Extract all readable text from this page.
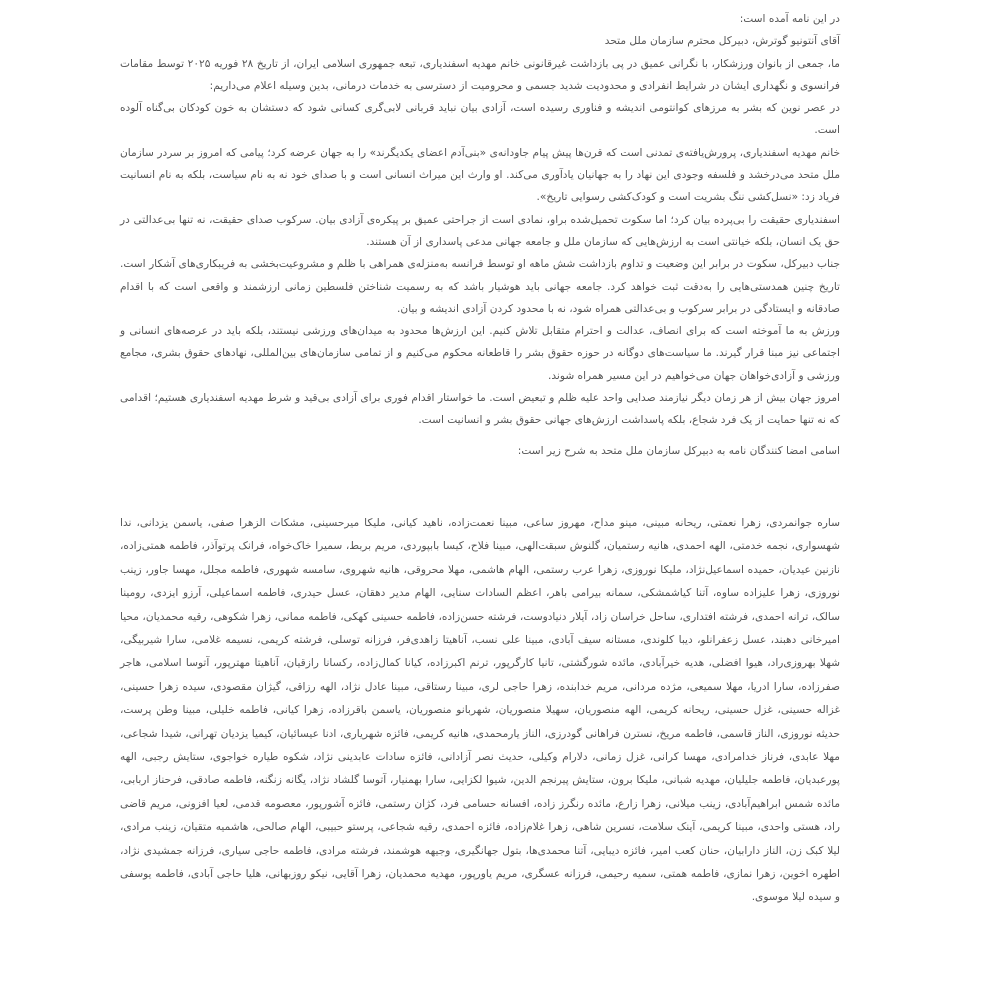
در این نامه آمده است:

آقای آنتونیو گوترش، دبیرکل محترم سازمان ملل متحد

ما، جمعی از بانوان ورزشکار، با نگرانی عمیق در پی بازداشت غیرقانونی خانم مهدیه اسفندیاری، تبعه جمهوری اسلامی ایران، از تاریخ ۲۸ فوریه ۲۰۲۵ توسط مقامات فرانسوی و نگهداری ایشان در شرایط انفرادی و محدودیت شدید جسمی و محرومیت از دسترسی به خدمات درمانی، بدین وسیله اعلام می‌داریم:

در عصر نوین که بشر به مرزهای کوانتومی اندیشه و فناوری رسیده است، آزادی بیان نباید قربانی لابی‌گری کسانی شود که دستشان به خون کودکان بی‌گناه آلوده است.

خانم مهدیه اسفندیاری، پرورش‌یافته‌ی تمدنی است که قرن‌ها پیش پیام جاودانه‌ی «بنی‌آدم اعضای یکدیگرند» را به جهان عرضه کرد؛ پیامی که امروز بر سردر سازمان ملل متحد می‌درخشد و فلسفه وجودی این نهاد را به جهانیان یادآوری می‌کند. او وارث این میراث انسانی است و با صدای خود نه به نام سیاست، بلکه به نام انسانیت فریاد زد: «نسل‌کشی ننگ بشریت است و کودک‌کشی رسوایی تاریخ».

اسفندیاری حقیقت را بی‌پرده بیان کرد؛ اما سکوت تحمیل‌شده براو، نمادی است از جراحتی عمیق بر پیکره‌ی آزادی بیان. سرکوب صدای حقیقت، نه تنها بی‌عدالتی در حق یک انسان، بلکه خیانتی است به ارزش‌هایی که سازمان ملل و جامعه جهانی مدعی پاسداری از آن هستند.

جناب دبیرکل، سکوت در برابر این وضعیت و تداوم بازداشت شش ماهه او توسط فرانسه به‌منزله‌ی همراهی با ظلم و مشروعیت‌بخشی به فریبکاری‌های آشکار است. تاریخ چنین همدستی‌هایی را به‌دقت ثبت خواهد کرد. جامعه جهانی باید هوشیار باشد که به رسمیت شناختن فلسطین زمانی ارزشمند و واقعی است که با اقدام صادقانه و ایستادگی در برابر سرکوب و بی‌عدالتی همراه شود، نه با محدود کردن آزادی اندیشه و بیان.

ورزش به ما آموخته است که برای انصاف، عدالت و احترام متقابل تلاش کنیم. این ارزش‌ها محدود به میدان‌های ورزشی نیستند، بلکه باید در عرصه‌های انسانی و اجتماعی نیز مبنا قرار گیرند. ما سیاست‌های دوگانه در حوزه حقوق بشر را قاطعانه محکوم می‌کنیم و از تمامی سازمان‌های بین‌المللی، نهادهای حقوق بشری، مجامع ورزشی و آزادی‌خواهان جهان می‌خواهیم در این مسیر همراه شوند.

امروز جهان بیش از هر زمان دیگر نیازمند صدایی واحد علیه ظلم و تبعیض است. ما خواستار اقدام فوری برای آزادی بی‌قید و شرط مهدیه اسفندیاری هستیم؛ اقدامی که نه تنها حمایت از یک فرد شجاع، بلکه پاسداشت ارزش‌های جهانی حقوق بشر و انسانیت است.

اسامی امضا کنندگان نامه به دبیرکل سازمان ملل متحد به شرح زیر است:

ساره جوانمردی، زهرا نعمتی، ریحانه مبینی، مینو مداح، مهروز ساعی، مبینا نعمت‌زاده، ناهید کیانی، ملیکا میرحسینی، مشکات الزهرا صفی، یاسمن یزدانی، ندا شهسواری، نجمه خدمتی، الهه احمدی، هانیه رستمیان، گلنوش سبقت‌الهی، مبینا فلاح، کیسا بابپوردی، مریم بربط، سمیرا خاک‌خواه، فرانک پرتوآذر، فاطمه همتی‌زاده، نازنین عیدیان، حمیده اسماعیل‌نژاد، ملیکا نوروزی، زهرا عرب رستمی، الهام هاشمی، مهلا محروقی، هانیه شهروی، سامسه شهوری، فاطمه مجلل، مهسا جاور، زینب نوروزی، زهرا علیزاده ساوه، آتنا کیاشمشکی، سمانه بیرامی باهر، اعظم السادات سنایی، الهام مدیر دهقان، عسل حیدری، فاطمه اسماعیلی، آرزو ایزدی، رومینا سالک، ترانه احمدی، فرشته افتداری، ساحل خراسان زاد، آیلار دنیادوست، فرشته حسن‌زاده، فاطمه حسینی کهکی، فاطمه ممانی، زهرا شکوهی، رقیه محمدیان، محیا امیرخانی دهبند، عسل زعفرانلو، دیبا کلوندی، مستانه سیف آبادی، مبینا علی نسب، آناهیتا زاهدی‌فر، فرزانه توسلی، فرشته کریمی، نسیمه غلامی، سارا شیربیگی، شهلا بهروزی‌راد، هیوا افضلی، هدیه خیرآبادی، مائده شورگشتی، تانیا کارگرپور، ترنم اکبرزاده، کیانا کمال‌زاده، رکسانا رازقیان، آناهیتا مهترپور، آتوسا اسلامی، هاجر صفرزاده، سارا ادریا، مهلا سمیعی، مژده مردانی، مریم خدابنده، زهرا حاجی لری، مبینا رستاقی، مبینا عادل نژاد، الهه رزاقی، گیژان مقصودی، سیده زهرا حسینی، غزاله حسینی، غزل حسینی، ریحانه کریمی، الهه منصوریان، سهیلا منصوریان، شهربانو منصوریان، یاسمن باقرزاده، زهرا کیانی، فاطمه خلیلی، مبینا وطن پرست، حدیثه نوروزی، الناز قاسمی، فاطمه مریخ، نسترن فراهانی گودرزی، الناز یارمحمدی، هانیه کریمی، فائزه شهریاری، ادنا عیسائیان، کیمیا یزدیان تهرانی، شیدا شجاعی، مهلا عابدی، فرناز خدامرادی، مهسا کرانی، غزل زمانی، دلارام وکیلی، حدیث نصر آزادانی، فائزه سادات عابدینی نژاد، شکوه طیاره خواجوی، ستایش رجبی، الهه پورعبدیان، فاطمه جلیلیان، مهدیه شبانی، ملیکا برون، ستایش پیرنجم الدین، شیوا لکزایی، سارا بهمنیار، آتوسا گلشاد نژاد، یگانه زنگنه، فاطمه صادقی، فرحناز اربابی، مائده شمس ابراهیم‌آبادی، زینب میلانی، زهرا زارع، مائده رنگرز زاده، افسانه حسامی فرد، کژان رستمی، فائزه آشورپور، معصومه قدمی، لعیا افزونی، مریم قاضی راد، هستی واحدی، مبینا کریمی، آینک سلامت، نسرین شاهی، زهرا غلام‌زاده، فائزه احمدی، رقیه شجاعی، پرستو حبیبی، الهام صالحی، هاشمیه متقیان، زینب مرادی، لیلا کبک زن، الناز دارابیان، حنان کعب امیر، فائزه دیبایی، آتنا محمدی‌ها، بتول جهانگیری، وجیهه هوشمند، فرشته مرادی، فاطمه حاجی سیاری، فرزانه جمشیدی نژاد، اطهره اخوین، زهرا نمازی، فاطمه همتی، سمیه رحیمی، فرزانه عسگری، مریم یاورپور، مهدیه محمدیان، زهرا آقایی، نیکو روزبهانی، هلیا حاجی آبادی، فاطمه یوسفی و سیده لیلا موسوی.
